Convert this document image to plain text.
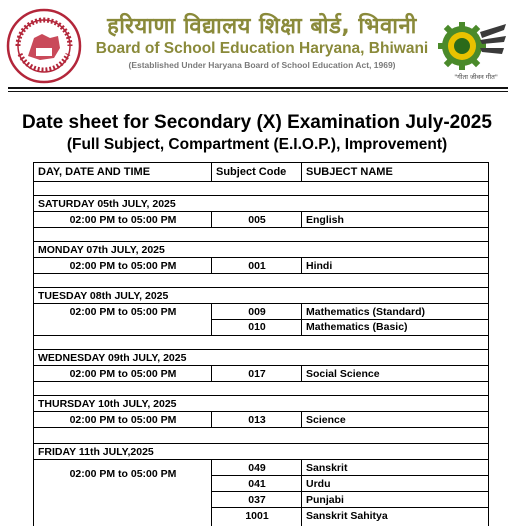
हरियाणा विद्यालय शिक्षा बोर्ड, भिवानी
Board of School Education Haryana, Bhiwani
(Established Under Haryana Board of School Education Act, 1969)
"गीता जीवन गीत"
Date sheet for Secondary (X) Examination July-2025
(Full Subject, Compartment (E.I.O.P.), Improvement)
DAY, DATE AND TIME	Subject Code	SUBJECT NAME
SATURDAY 05th JULY, 2025
02:00 PM to 05:00 PM	005	English
MONDAY 07th JULY, 2025
02:00 PM to 05:00 PM	001	Hindi
TUESDAY 08th JULY, 2025
02:00 PM to 05:00 PM	009	Mathematics (Standard)
010	Mathematics (Basic)
WEDNESDAY 09th JULY, 2025
02:00 PM to 05:00 PM	017	Social Science
THURSDAY 10th JULY, 2025
02:00 PM to 05:00 PM	013	Science
FRIDAY 11th JULY,2025
02:00 PM to 05:00 PM	049	Sanskrit
041	Urdu
037	Punjabi
1001	Sanskrit Sahitya
